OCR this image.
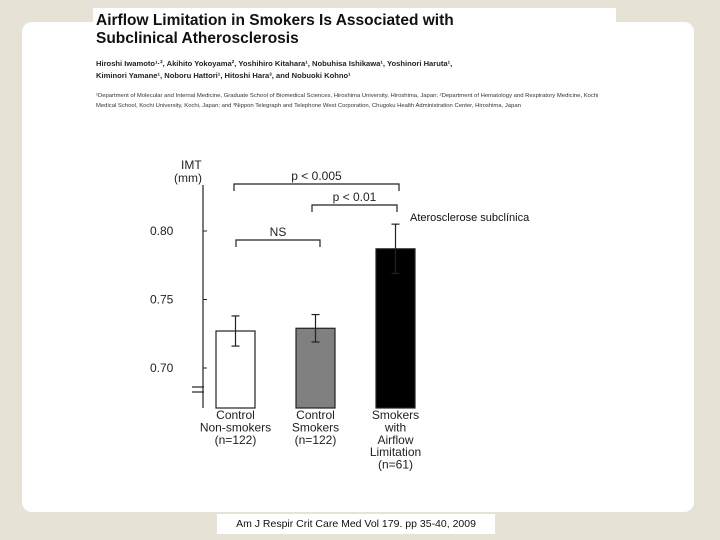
Airflow Limitation in Smokers Is Associated with
Subclinical Atherosclerosis

Hiroshi Iwamoto¹·², Akihito Yokoyama², Yoshihiro Kitahara¹, Nobuhisa Ishikawa¹, Yoshinori Haruta¹,
Kiminori Yamane¹, Noboru Hattori¹, Hitoshi Hara³, and Nobuoki Kohno¹

¹Department of Molecular and Internal Medicine, Graduate School of Biomedical Sciences, Hiroshima University, Hiroshima, Japan; ²Department of Hematology and Respiratory Medicine, Kochi Medical School, Kochi University, Kochi, Japan; and ³Nippon Telegraph and Telephone West Corporation, Chugoku Health Administration Center, Hiroshima, Japan

IMT
(mm)
0.70
0.75
0.80
Control
Non-smokers
(n=122)
Control
Smokers
(n=122)
Smokers
with
Airflow
Limitation
(n=61)
NS
p < 0.01
p < 0.005
Aterosclerose subclínica
Am J Respir Crit Care Med Vol 179. pp 35-40, 2009
